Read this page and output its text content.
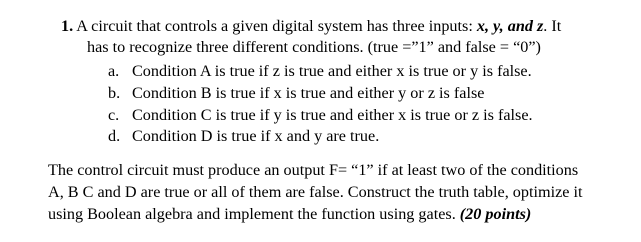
1. A circuit that controls a given digital system has three inputs: x, y, and z. It
has to recognize three different conditions. (true =”1” and false = “0”)
a. Condition A is true if z is true and either x is true or y is false.
b. Condition B is true if x is true and either y or z is false
c. Condition C is true if y is true and either x is true or z is false.
d. Condition D is true if x and y are true.
The control circuit must produce an output F= “1” if at least two of the conditions
A, B C and D are true or all of them are false. Construct the truth table, optimize it
using Boolean algebra and implement the function using gates. (20 points)
